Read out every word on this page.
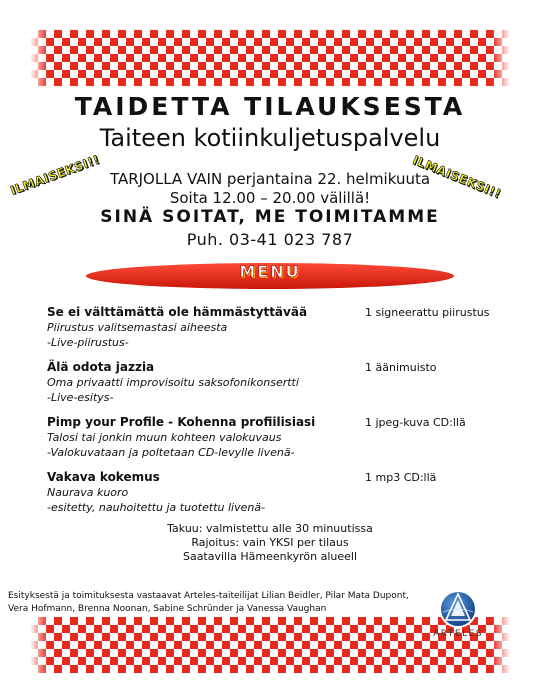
TAIDETTA TILAUKSESTA
Taiteen kotiinkuljetuspalvelu
ILMAISEKSI!!	ILMAISEKSI!!
TARJOLLA VAIN perjantaina 22. helmikuuta
Soita 12.00 – 20.00 välillä!
SINÄ SOITAT, ME TOIMITAMME
Puh. 03-41 023 787
MENU
Se ei välttämättä ole hämmästyttävää
Piirustus valitsemastasi aiheesta
-Live-piirustus-
1 signeerattu piirustus
Älä odota jazzia
Oma privaatti improvisoitu saksofonikonsertti
-Live-esitys-
1 äänimuisto
Pimp your Profile - Kohenna profiilisiasi
Talosi tai jonkin muun kohteen valokuvaus
-Valokuvataan ja poltetaan CD-levylle livenä-
1 jpeg-kuva CD:llä
Vakava kokemus
Naurava kuoro
-esitetty, nauhoitettu ja tuotettu livenä-
1 mp3 CD:llä
Takuu: valmistettu alle 30 minuutissa
Rajoitus: vain YKSI per tilaus
Saatavilla Hämeenkyrön alueell
Esityksestä ja toimituksesta vastaavat Arteles-taiteilijat Lilian Beidler, Pilar Mata Dupont,
Vera Hofmann, Brenna Noonan, Sabine Schründer ja Vanessa Vaughan
ARTELES
